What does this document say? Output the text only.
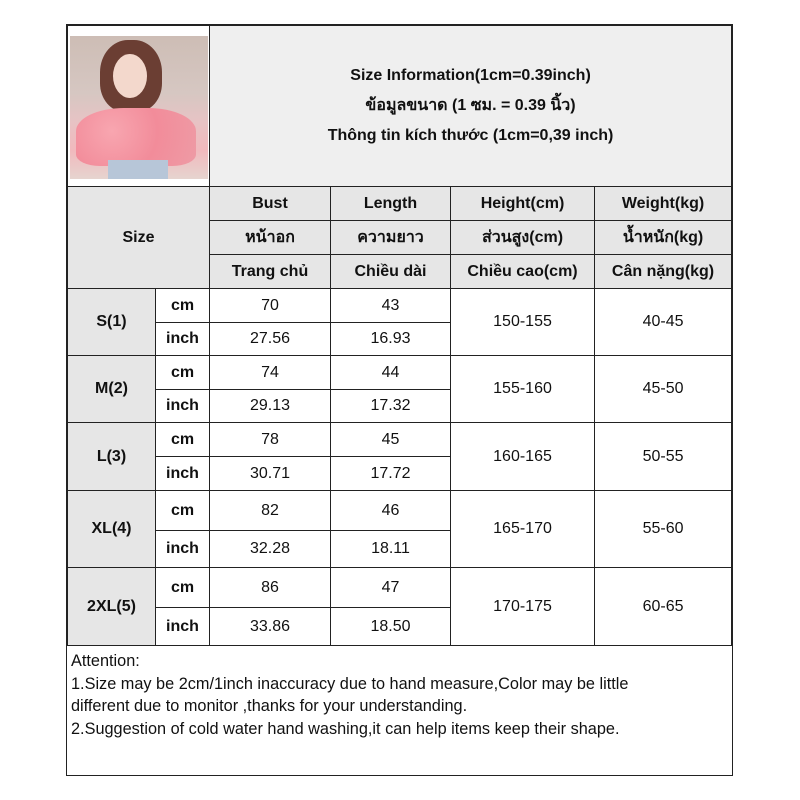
		Size Information(1cm=0.39inch)
ข้อมูลขนาด (1 ซม. = 0.39 นิ้ว)
Thông tin kích thước (1cm=0,39 inch)			

Size		Bust	Length	Height(cm)	Weight(kg)
		หน้าอก	ความยาว	ส่วนสูง(cm)	น้ำหนัก(kg)
		Trang chủ	Chiều dài	Chiều cao(cm)	Cân nặng(kg)
S(1)	cm	70	43	150-155	40-45
	inch	27.56	16.93		
M(2)	cm	74	44	155-160	45-50
	inch	29.13	17.32		
L(3)	cm	78	45	160-165	50-55
	inch	30.71	17.72		
XL(4)	cm	82	46	165-170	55-60
	inch	32.28	18.11		
2XL(5)	cm	86	47	170-175	60-65
	inch	33.86	18.50		
Attention:
1.Size may be 2cm/1inch inaccuracy due to hand measure,Color may be little
different due to monitor ,thanks for your understanding.
2.Suggestion of cold water hand washing,it can help items keep their shape.
